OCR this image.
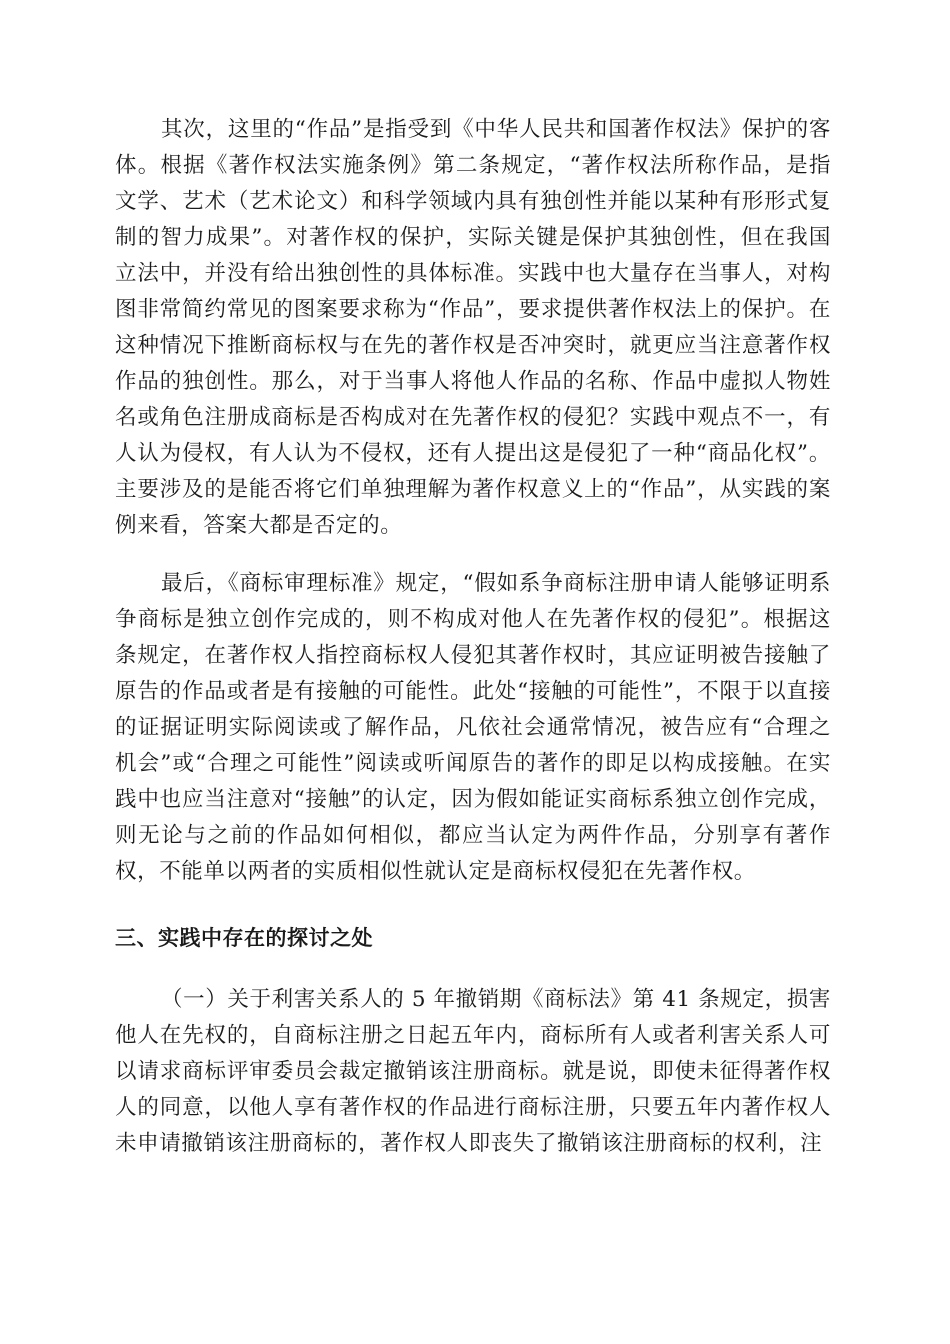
其次，这里的“作品”是指受到《中华人民共和国著作权法》保护的客体。根据《著作权法实施条例》第二条规定，“著作权法所称作品，是指文学、艺术（艺术论文）和科学领域内具有独创性并能以某种有形形式复制的智力成果”。对著作权的保护，实际关键是保护其独创性，但在我国立法中，并没有给出独创性的具体标准。实践中也大量存在当事人，对构图非常简约常见的图案要求称为“作品”，要求提供著作权法上的保护。在这种情况下推断商标权与在先的著作权是否冲突时，就更应当注意著作权作品的独创性。那么，对于当事人将他人作品的名称、作品中虚拟人物姓名或角色注册成商标是否构成对在先著作权的侵犯？实践中观点不一，有人认为侵权，有人认为不侵权，还有人提出这是侵犯了一种“商品化权”。主要涉及的是能否将它们单独理解为著作权意义上的“作品”，从实践的案例来看，答案大都是否定的。

最后，《商标审理标准》规定，“假如系争商标注册申请人能够证明系争商标是独立创作完成的，则不构成对他人在先著作权的侵犯”。根据这条规定，在著作权人指控商标权人侵犯其著作权时，其应证明被告接触了原告的作品或者是有接触的可能性。此处“接触的可能性”，不限于以直接的证据证明实际阅读或了解作品，凡依社会通常情况，被告应有“合理之机会”或“合理之可能性”阅读或听闻原告的著作的即足以构成接触。在实践中也应当注意对“接触”的认定，因为假如能证实商标系独立创作完成，则无论与之前的作品如何相似，都应当认定为两件作品，分别享有著作权，不能单以两者的实质相似性就认定是商标权侵犯在先著作权。

三、实践中存在的探讨之处

（一）关于利害关系人的 5 年撤销期《商标法》第 41 条规定，损害他人在先权的，自商标注册之日起五年内，商标所有人或者利害关系人可以请求商标评审委员会裁定撤销该注册商标。就是说，即使未征得著作权人的同意，以他人享有著作权的作品进行商标注册，只要五年内著作权人未申请撤销该注册商标的，著作权人即丧失了撤销该注册商标的权利，注
